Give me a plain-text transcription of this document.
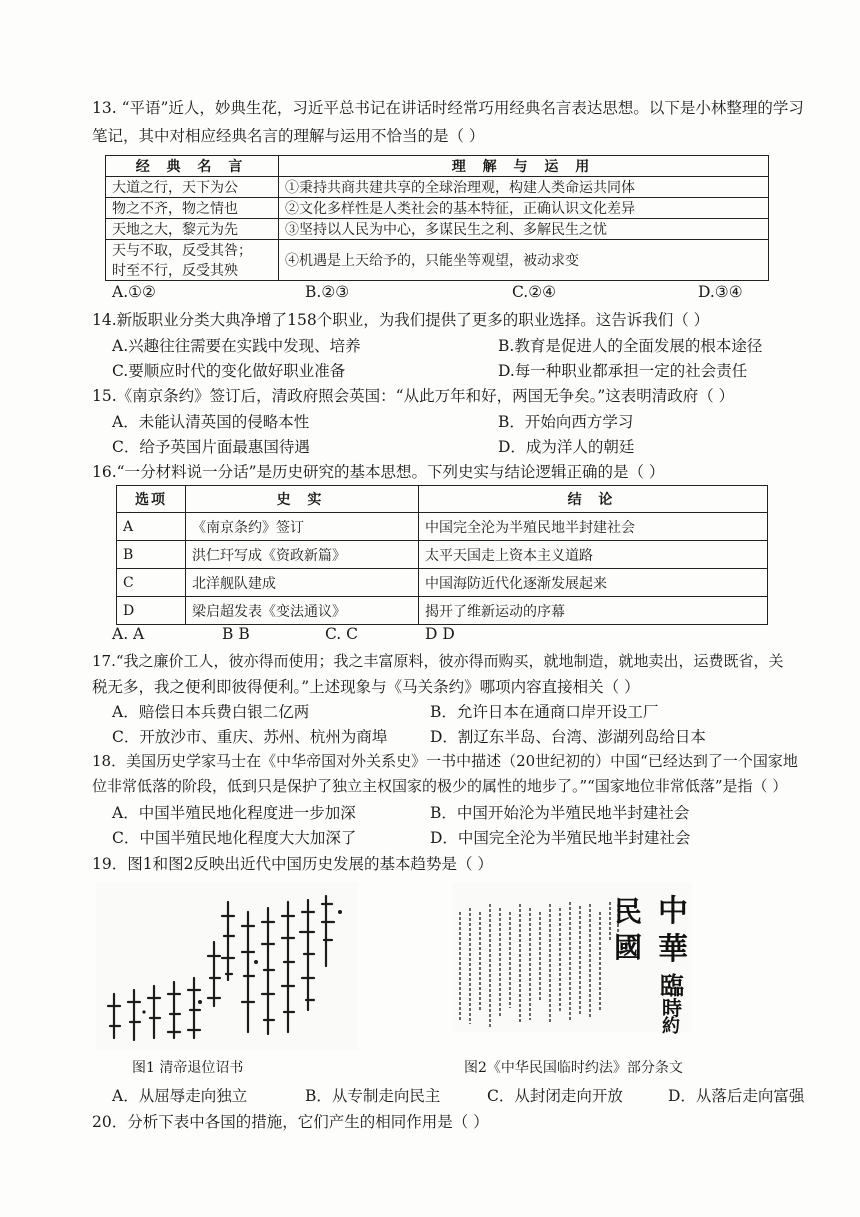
13. “平语”近人，妙典生花，习近平总书记在讲话时经常巧用经典名言表达思想。以下是小林整理的学习
笔记，其中对相应经典名言的理解与运用不恰当的是（ ）
经 典 名 言	理 解 与 运 用
大道之行，天下为公	①秉持共商共建共享的全球治理观，构建人类命运共同体
物之不齐，物之情也	②文化多样性是人类社会的基本特征，正确认识文化差异
天地之大，黎元为先	③坚持以人民为中心，多谋民生之利、多解民生之忧

天与不取，反受其咎；
时至不行，反受其殃	④机遇是上天给予的，只能坐等观望，被动求变
A.①②	B.②③	C.②④	D.③④
14.新版职业分类大典净增了158个职业，为我们提供了更多的职业选择。这告诉我们（ ）
A.兴趣往往需要在实践中发现、培养	B.教育是促进人的全面发展的根本途径
C.要顺应时代的变化做好职业准备	D.每一种职业都承担一定的社会责任
15.《南京条约》签订后，清政府照会英国：“从此万年和好，两国无争矣。”这表明清政府（ ）
A．未能认清英国的侵略本性	B．开始向西方学习
C．给予英国片面最惠国待遇	D．成为洋人的朝廷
16.“一分材料说一分话”是历史研究的基本思想。下列史实与结论逻辑正确的是（ ）
选项	史 实	结 论
A	《南京条约》签订	中国完全沦为半殖民地半封建社会
B	洪仁玕写成《资政新篇》	太平天国走上资本主义道路
C	北洋舰队建成	中国海防近代化逐渐发展起来
D	梁启超发表《变法通议》	揭开了维新运动的序幕
A. A	B B	C. C	D D
17.“我之廉价工人，彼亦得而使用；我之丰富原料，彼亦得而购买，就地制造，就地卖出，运费既省，关
税无多，我之便利即彼得便利。”上述现象与《马关条约》哪项内容直接相关（ ）
A．赔偿日本兵费白银二亿两	B．允许日本在通商口岸开设工厂
C．开放沙市、重庆、苏州、杭州为商埠	D．割辽东半岛、台湾、澎湖列岛给日本
18．美国历史学家马士在《中华帝国对外关系史》一书中描述（20世纪初的）中国“已经达到了一个国家地
位非常低落的阶段，低到只是保护了独立主权国家的极少的属性的地步了。”“国家地位非常低落”是指（ ）
A．中国半殖民地化程度进一步加深	B．中国开始沦为半殖民地半封建社会
C．中国半殖民地化程度大大加深了	D．中国完全沦为半殖民地半封建社会
19．图1和图2反映出近代中国历史发展的基本趋势是（ ）
图1 清帝退位诏书
中
華
民
國
臨
時
約
图2《中华民国临时约法》部分条文
A．从屈辱走向独立	B．从专制走向民主	C．从封闭走向开放	D．从落后走向富强
20．分析下表中各国的措施，它们产生的相同作用是（ ）
